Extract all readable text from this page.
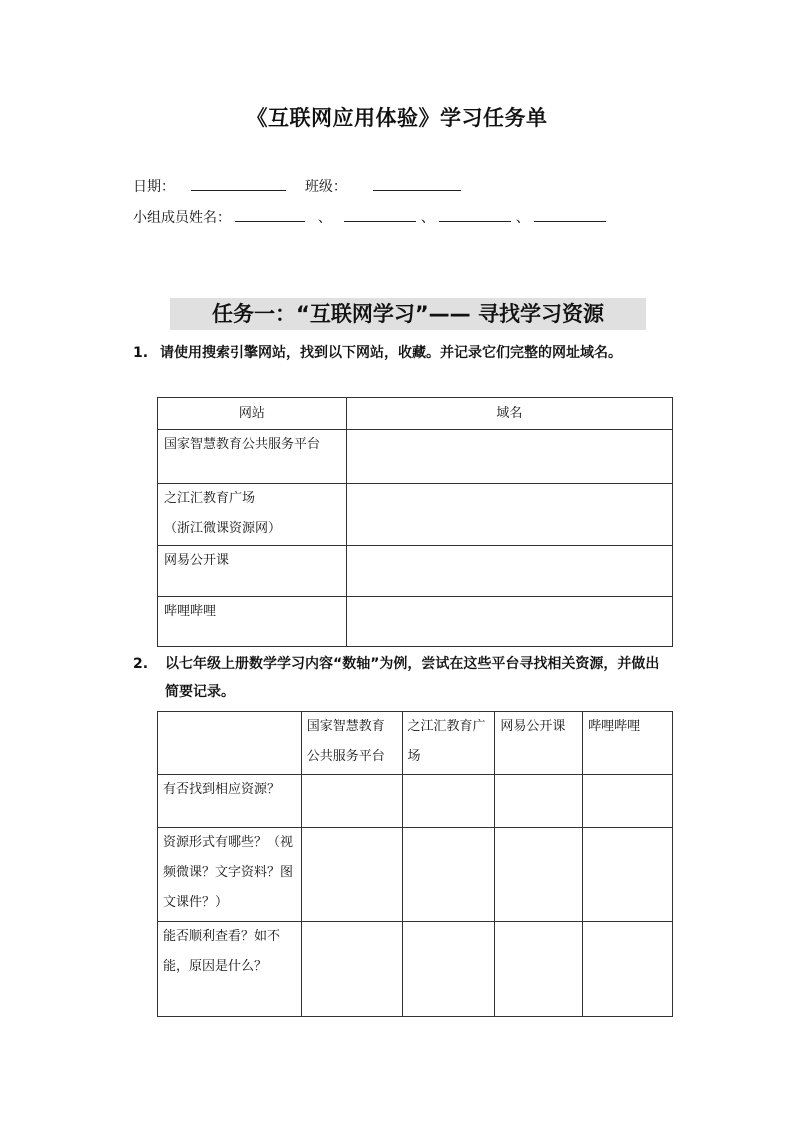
《互联网应用体验》学习任务单
日期：	班级：
小组成员姓名：	、	、	、
任务一：“互联网学习”—— 寻找学习资源
1. 请使用搜索引擎网站，找到以下网站，收藏。并记录它们完整的网址域名。
网站	域名
国家智慧教育公共服务平台	

之江汇教育广场
（浙江微课资源网）	

网易公开课	
哔哩哔哩	
2. 以七年级上册数学学习内容“数轴”为例，尝试在这些平台寻找相关资源，并做出简要记录。
	国家智慧教育公共服务平台	之江汇教育广场	网易公开课	哔哩哔哩
有否找到相应资源？				
资源形式有哪些？（视频微课？文字资料？图文课件？）				
能否顺利查看？如不能，原因是什么？				
